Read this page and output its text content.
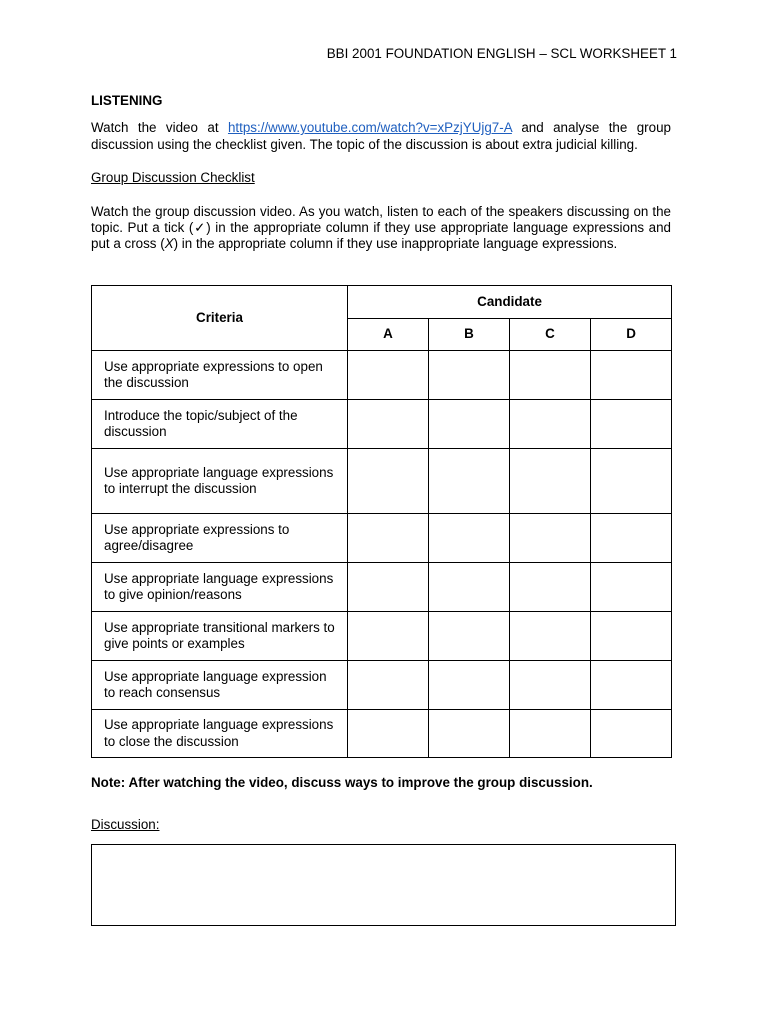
BBI 2001 FOUNDATION ENGLISH – SCL WORKSHEET 1

LISTENING

Watch the video at https://www.youtube.com/watch?v=xPzjYUjg7-A and analyse the group discussion using the checklist given. The topic of the discussion is about extra judicial killing.

Group Discussion Checklist

Watch the group discussion video. As you watch, listen to each of the speakers discussing on the topic. Put a tick (✓) in the appropriate column if they use appropriate language expressions and put a cross (X) in the appropriate column if they use inappropriate language expressions.

Criteria	Candidate			
	A	B	C	D
Use appropriate expressions to open the discussion				
Introduce the topic/subject of the discussion				
Use appropriate language expressions to interrupt the discussion				
Use appropriate expressions to agree/disagree				
Use appropriate language expressions to give opinion/reasons				
Use appropriate transitional markers to give points or examples				
Use appropriate language expression to reach consensus				
Use appropriate language expressions to close the discussion				

Note: After watching the video, discuss ways to improve the group discussion.

Discussion:
